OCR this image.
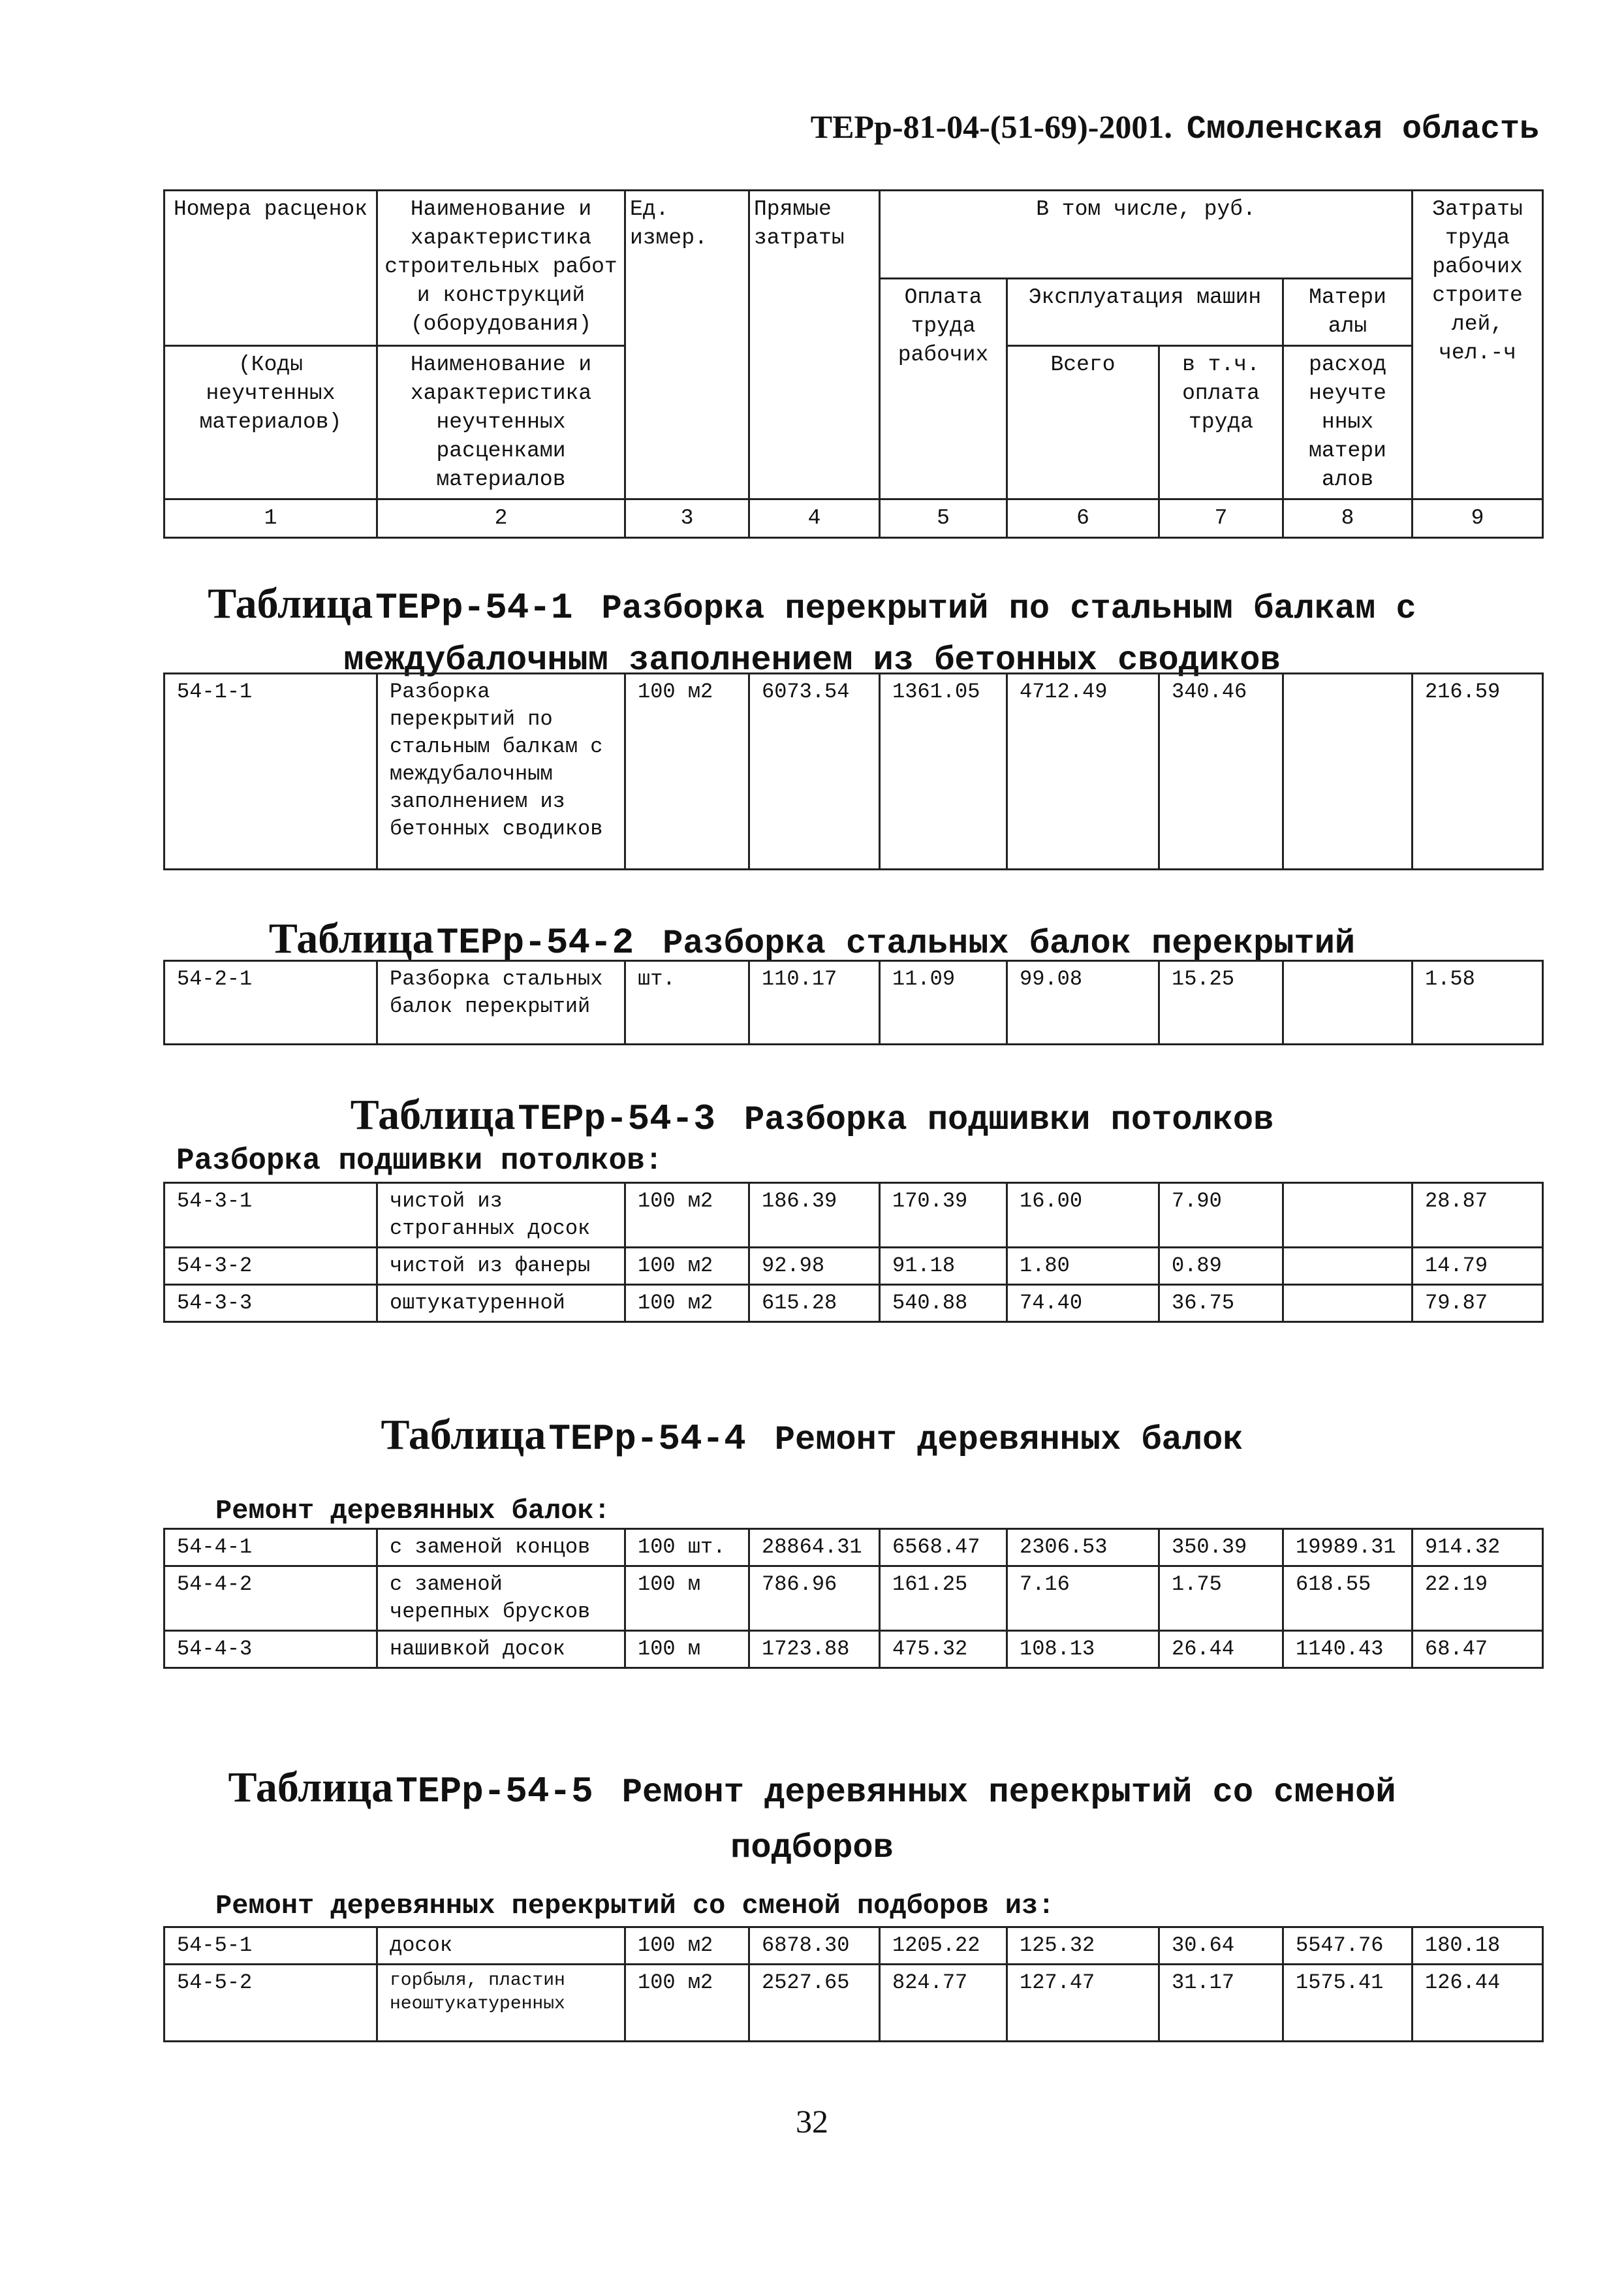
ТЕРр-81-04-(51-69)-2001. Смоленская область
Номера расценок	Наименование и характеристика строительных работ и конструкций (оборудования)	Ед. измер.	Прямые затраты	В том числе, руб.				Затраты труда рабочих строите лей, чел.-ч
				Оплата труда рабочих	Эксплуатация машин		Матери алы	
(Коды неучтенных материалов)	Наименование и характеристика неучтенных расценками материалов				Всего	в т.ч. оплата труда	расход неучте нных матери алов	

1	2	3	4	5	6	7	8	9
Таблица ТЕРр-54-1 Разборка перекрытий по стальным балкам с междубалочным заполнением из бетонных сводиков
54-1-1	Разборка перекрытий по стальным балкам с междубалочным заполнением из бетонных сводиков	100 м2	6073.54	1361.05	4712.49	340.46		216.59
Таблица ТЕРр-54-2 Разборка стальных балок перекрытий
54-2-1	Разборка стальных балок перекрытий	шт.	110.17	11.09	99.08	15.25		1.58
Таблица ТЕРр-54-3 Разборка подшивки потолков
Разборка подшивки потолков:
54-3-1	чистой из строганных досок	100 м2	186.39	170.39	16.00	7.90		28.87
54-3-2	чистой из фанеры	100 м2	92.98	91.18	1.80	0.89		14.79
54-3-3	оштукатуренной	100 м2	615.28	540.88	74.40	36.75		79.87
Таблица ТЕРр-54-4 Ремонт деревянных балок
Ремонт деревянных балок:
54-4-1	с заменой концов	100 шт.	28864.31	6568.47	2306.53	350.39	19989.31	914.32
54-4-2	с заменой черепных брусков	100 м	786.96	161.25	7.16	1.75	618.55	22.19
54-4-3	нашивкой досок	100 м	1723.88	475.32	108.13	26.44	1140.43	68.47
Таблица ТЕРр-54-5 Ремонт деревянных перекрытий со сменой подборов
Ремонт деревянных перекрытий со сменой подборов из:
54-5-1	досок	100 м2	6878.30	1205.22	125.32	30.64	5547.76	180.18
54-5-2	горбыля, пластин неоштукатуренных	100 м2	2527.65	824.77	127.47	31.17	1575.41	126.44
32
